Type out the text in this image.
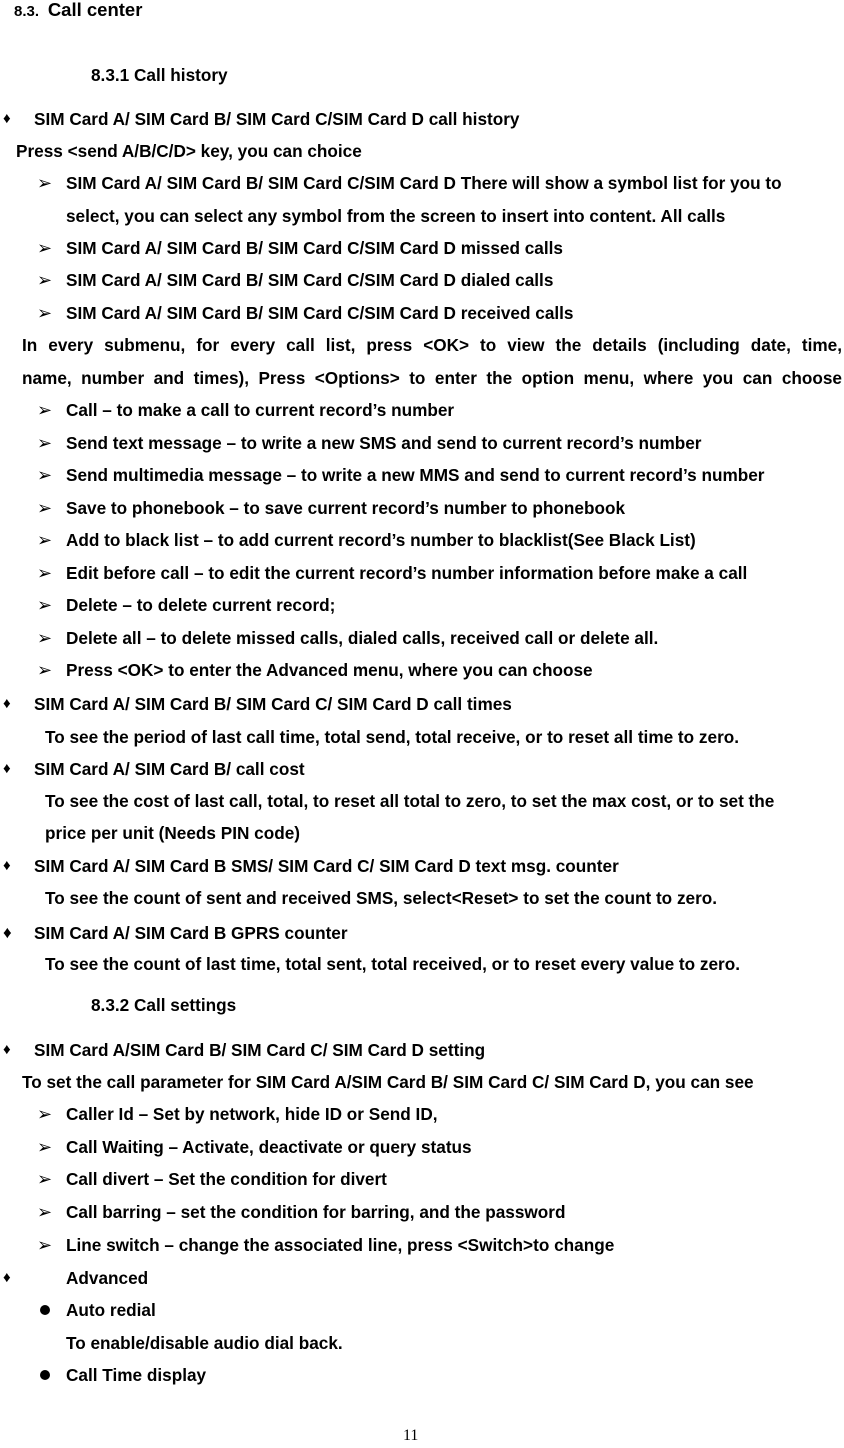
8.3. Call center
8.3.1 Call history
♦ SIM Card A/ SIM Card B/ SIM Card C/SIM Card D call history
Press <send A/B/C/D> key, you can choice
➢ SIM Card A/ SIM Card B/ SIM Card C/SIM Card D There will show a symbol list for you to
select, you can select any symbol from the screen to insert into content. All calls
➢ SIM Card A/ SIM Card B/ SIM Card C/SIM Card D missed calls
➢ SIM Card A/ SIM Card B/ SIM Card C/SIM Card D dialed calls
➢ SIM Card A/ SIM Card B/ SIM Card C/SIM Card D received calls
In every submenu, for every call list, press <OK> to view the details (including date, time,
name, number and times), Press <Options> to enter the option menu, where you can choose
➢ Call – to make a call to current record’s number
➢ Send text message – to write a new SMS and send to current record’s number
➢ Send multimedia message – to write a new MMS and send to current record’s number
➢ Save to phonebook – to save current record’s number to phonebook
➢ Add to black list – to add current record’s number to blacklist(See Black List)
➢ Edit before call – to edit the current record’s number information before make a call
➢ Delete – to delete current record;
➢ Delete all – to delete missed calls, dialed calls, received call or delete all.
➢ Press <OK> to enter the Advanced menu, where you can choose
♦ SIM Card A/ SIM Card B/ SIM Card C/ SIM Card D call times
To see the period of last call time, total send, total receive, or to reset all time to zero.
♦ SIM Card A/ SIM Card B/ call cost
To see the cost of last call, total, to reset all total to zero, to set the max cost, or to set the
price per unit (Needs PIN code)
♦ SIM Card A/ SIM Card B SMS/ SIM Card C/ SIM Card D text msg. counter
To see the count of sent and received SMS, select<Reset> to set the count to zero.
♦ SIM Card A/ SIM Card B GPRS counter
To see the count of last time, total sent, total received, or to reset every value to zero.
8.3.2 Call settings
♦ SIM Card A/SIM Card B/ SIM Card C/ SIM Card D setting
To set the call parameter for SIM Card A/SIM Card B/ SIM Card C/ SIM Card D, you can see
➢ Caller Id – Set by network, hide ID or Send ID,
➢ Call Waiting – Activate, deactivate or query status
➢ Call divert – Set the condition for divert
➢ Call barring – set the condition for barring, and the password
➢ Line switch – change the associated line, press <Switch>to change
♦	Advanced
Auto redial
To enable/disable audio dial back.
Call Time display
11
